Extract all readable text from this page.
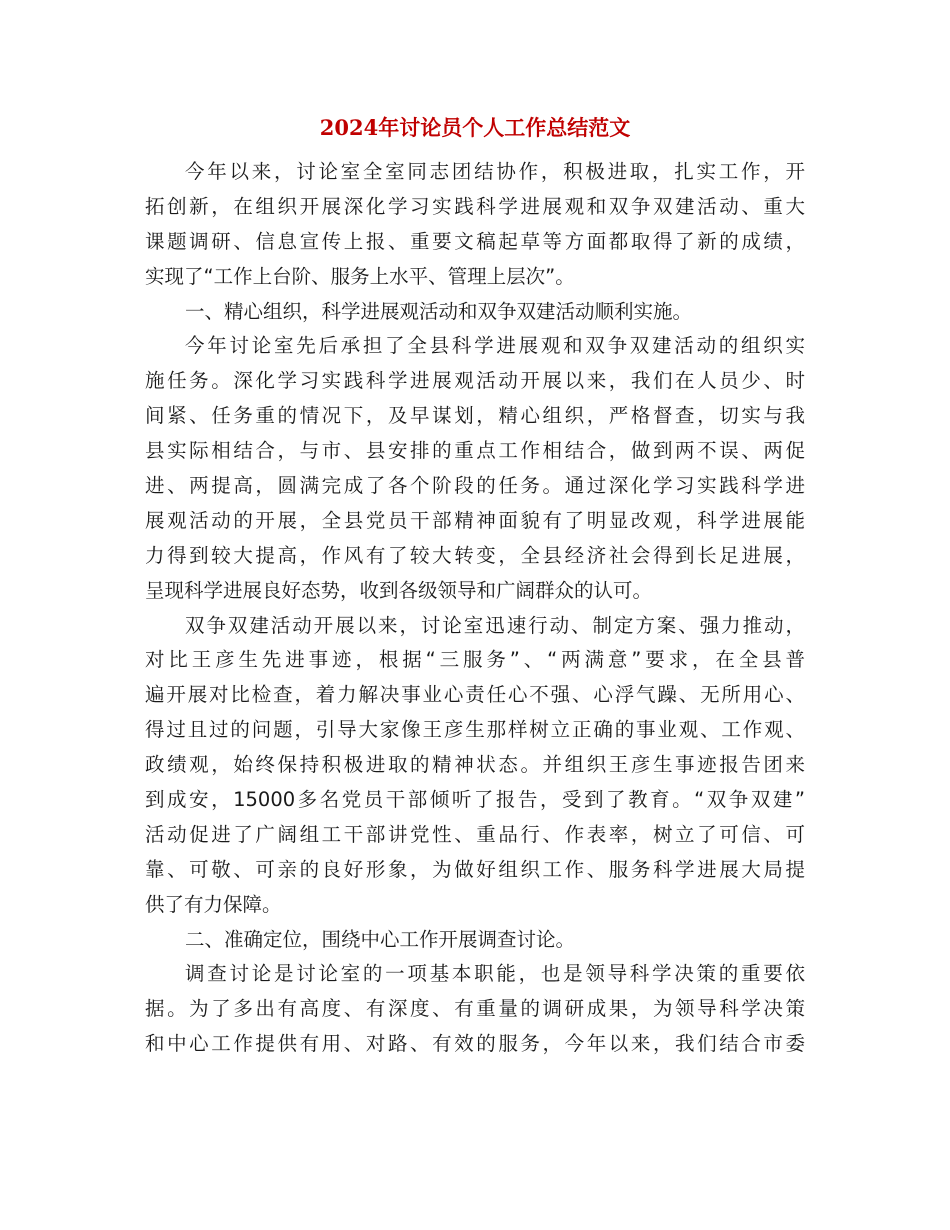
2024年讨论员个人工作总结范文
今年以来，讨论室全室同志团结协作，积极进取，扎实工作，开
拓创新，在组织开展深化学习实践科学进展观和双争双建活动、重大
课题调研、信息宣传上报、重要文稿起草等方面都取得了新的成绩，
实现了“工作上台阶、服务上水平、管理上层次”。
一、精心组织，科学进展观活动和双争双建活动顺利实施。
今年讨论室先后承担了全县科学进展观和双争双建活动的组织实
施任务。深化学习实践科学进展观活动开展以来，我们在人员少、时
间紧、任务重的情况下，及早谋划，精心组织，严格督查，切实与我
县实际相结合，与市、县安排的重点工作相结合，做到两不误、两促
进、两提高，圆满完成了各个阶段的任务。通过深化学习实践科学进
展观活动的开展，全县党员干部精神面貌有了明显改观，科学进展能
力得到较大提高，作风有了较大转变，全县经济社会得到长足进展，
呈现科学进展良好态势，收到各级领导和广阔群众的认可。
双争双建活动开展以来，讨论室迅速行动、制定方案、强力推动，
对比王彦生先进事迹，根据“三服务”、“两满意”要求，在全县普
遍开展对比检查，着力解决事业心责任心不强、心浮气躁、无所用心、
得过且过的问题，引导大家像王彦生那样树立正确的事业观、工作观、
政绩观，始终保持积极进取的精神状态。并组织王彦生事迹报告团来
到成安，15000多名党员干部倾听了报告，受到了教育。“双争双建”
活动促进了广阔组工干部讲党性、重品行、作表率，树立了可信、可
靠、可敬、可亲的良好形象，为做好组织工作、服务科学进展大局提
供了有力保障。
二、准确定位，围绕中心工作开展调查讨论。
调查讨论是讨论室的一项基本职能，也是领导科学决策的重要依
据。为了多出有高度、有深度、有重量的调研成果，为领导科学决策
和中心工作提供有用、对路、有效的服务，今年以来，我们结合市委
